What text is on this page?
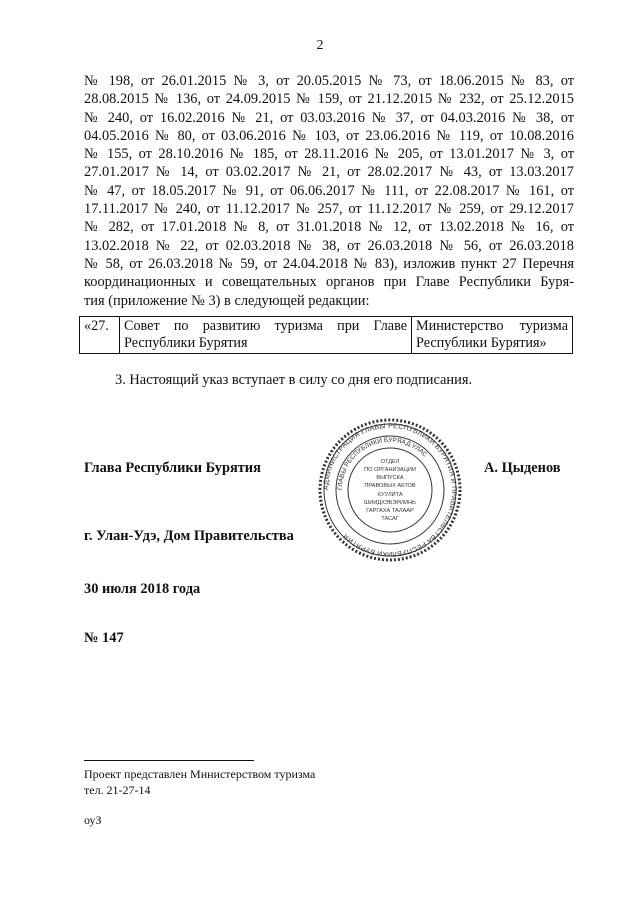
2
№ 198, от 26.01.2015 № 3, от 20.05.2015 № 73, от 18.06.2015 № 83, от
28.08.2015 № 136, от 24.09.2015 № 159, от 21.12.2015 № 232, от 25.12.2015
№ 240, от 16.02.2016 № 21, от 03.03.2016 № 37, от 04.03.2016 № 38, от
04.05.2016 № 80, от 03.06.2016 № 103, от 23.06.2016 № 119, от 10.08.2016
№ 155, от 28.10.2016 № 185, от 28.11.2016 № 205, от 13.01.2017 № 3, от
27.01.2017 № 14, от 03.02.2017 № 21, от 28.02.2017 № 43, от 13.03.2017
№ 47, от 18.05.2017 № 91, от 06.06.2017 № 111, от 22.08.2017 № 161, от
17.11.2017 № 240, от 11.12.2017 № 257, от 11.12.2017 № 259, от 29.12.2017
№ 282, от 17.01.2018 № 8, от 31.01.2018 № 12, от 13.02.2018 № 16, от
13.02.2018 № 22, от 02.03.2018 № 38, от 26.03.2018 № 56, от 26.03.2018
№ 58, от 26.03.2018 № 59, от 24.04.2018 № 83), изложив пункт 27 Перечня
координационных и совещательных органов при Главе Республики Буря-
тия (приложение № 3) в следующей редакции:
«27.	Совет по развитию туризма при Главе Республики Бурятия	Министерство туризма Республики Бурятия»
3. Настоящий указ вступает в силу со дня его подписания.
Глава Республики Бурятия	А. Цыденов
АДМИНИСТРАЦИЯ ГЛАВЫ РЕСПУБЛИКИ БУРЯТИЯ И ПРАВИТЕЛЬСТВА РЕСПУБЛИКИ БУРЯТИЯ
ГЛАВЫ РЕСПУБЛИКИ БУРЯАД УЛАС
ОТДЕЛ
ПО ОРГАНИЗАЦИИ
ВЫПУСКА
ПРАВОВЫХ АКТОВ
ХУУЛИТА
ШИИДХЭБЭРИИНЬ
ГАРГАХА ТАЛААР
ТАСАГ
г. Улан-Удэ, Дом Правительства
30 июля 2018 года
№ 147
Проект представлен Министерством туризма
тел. 21-27-14
оуЗ
